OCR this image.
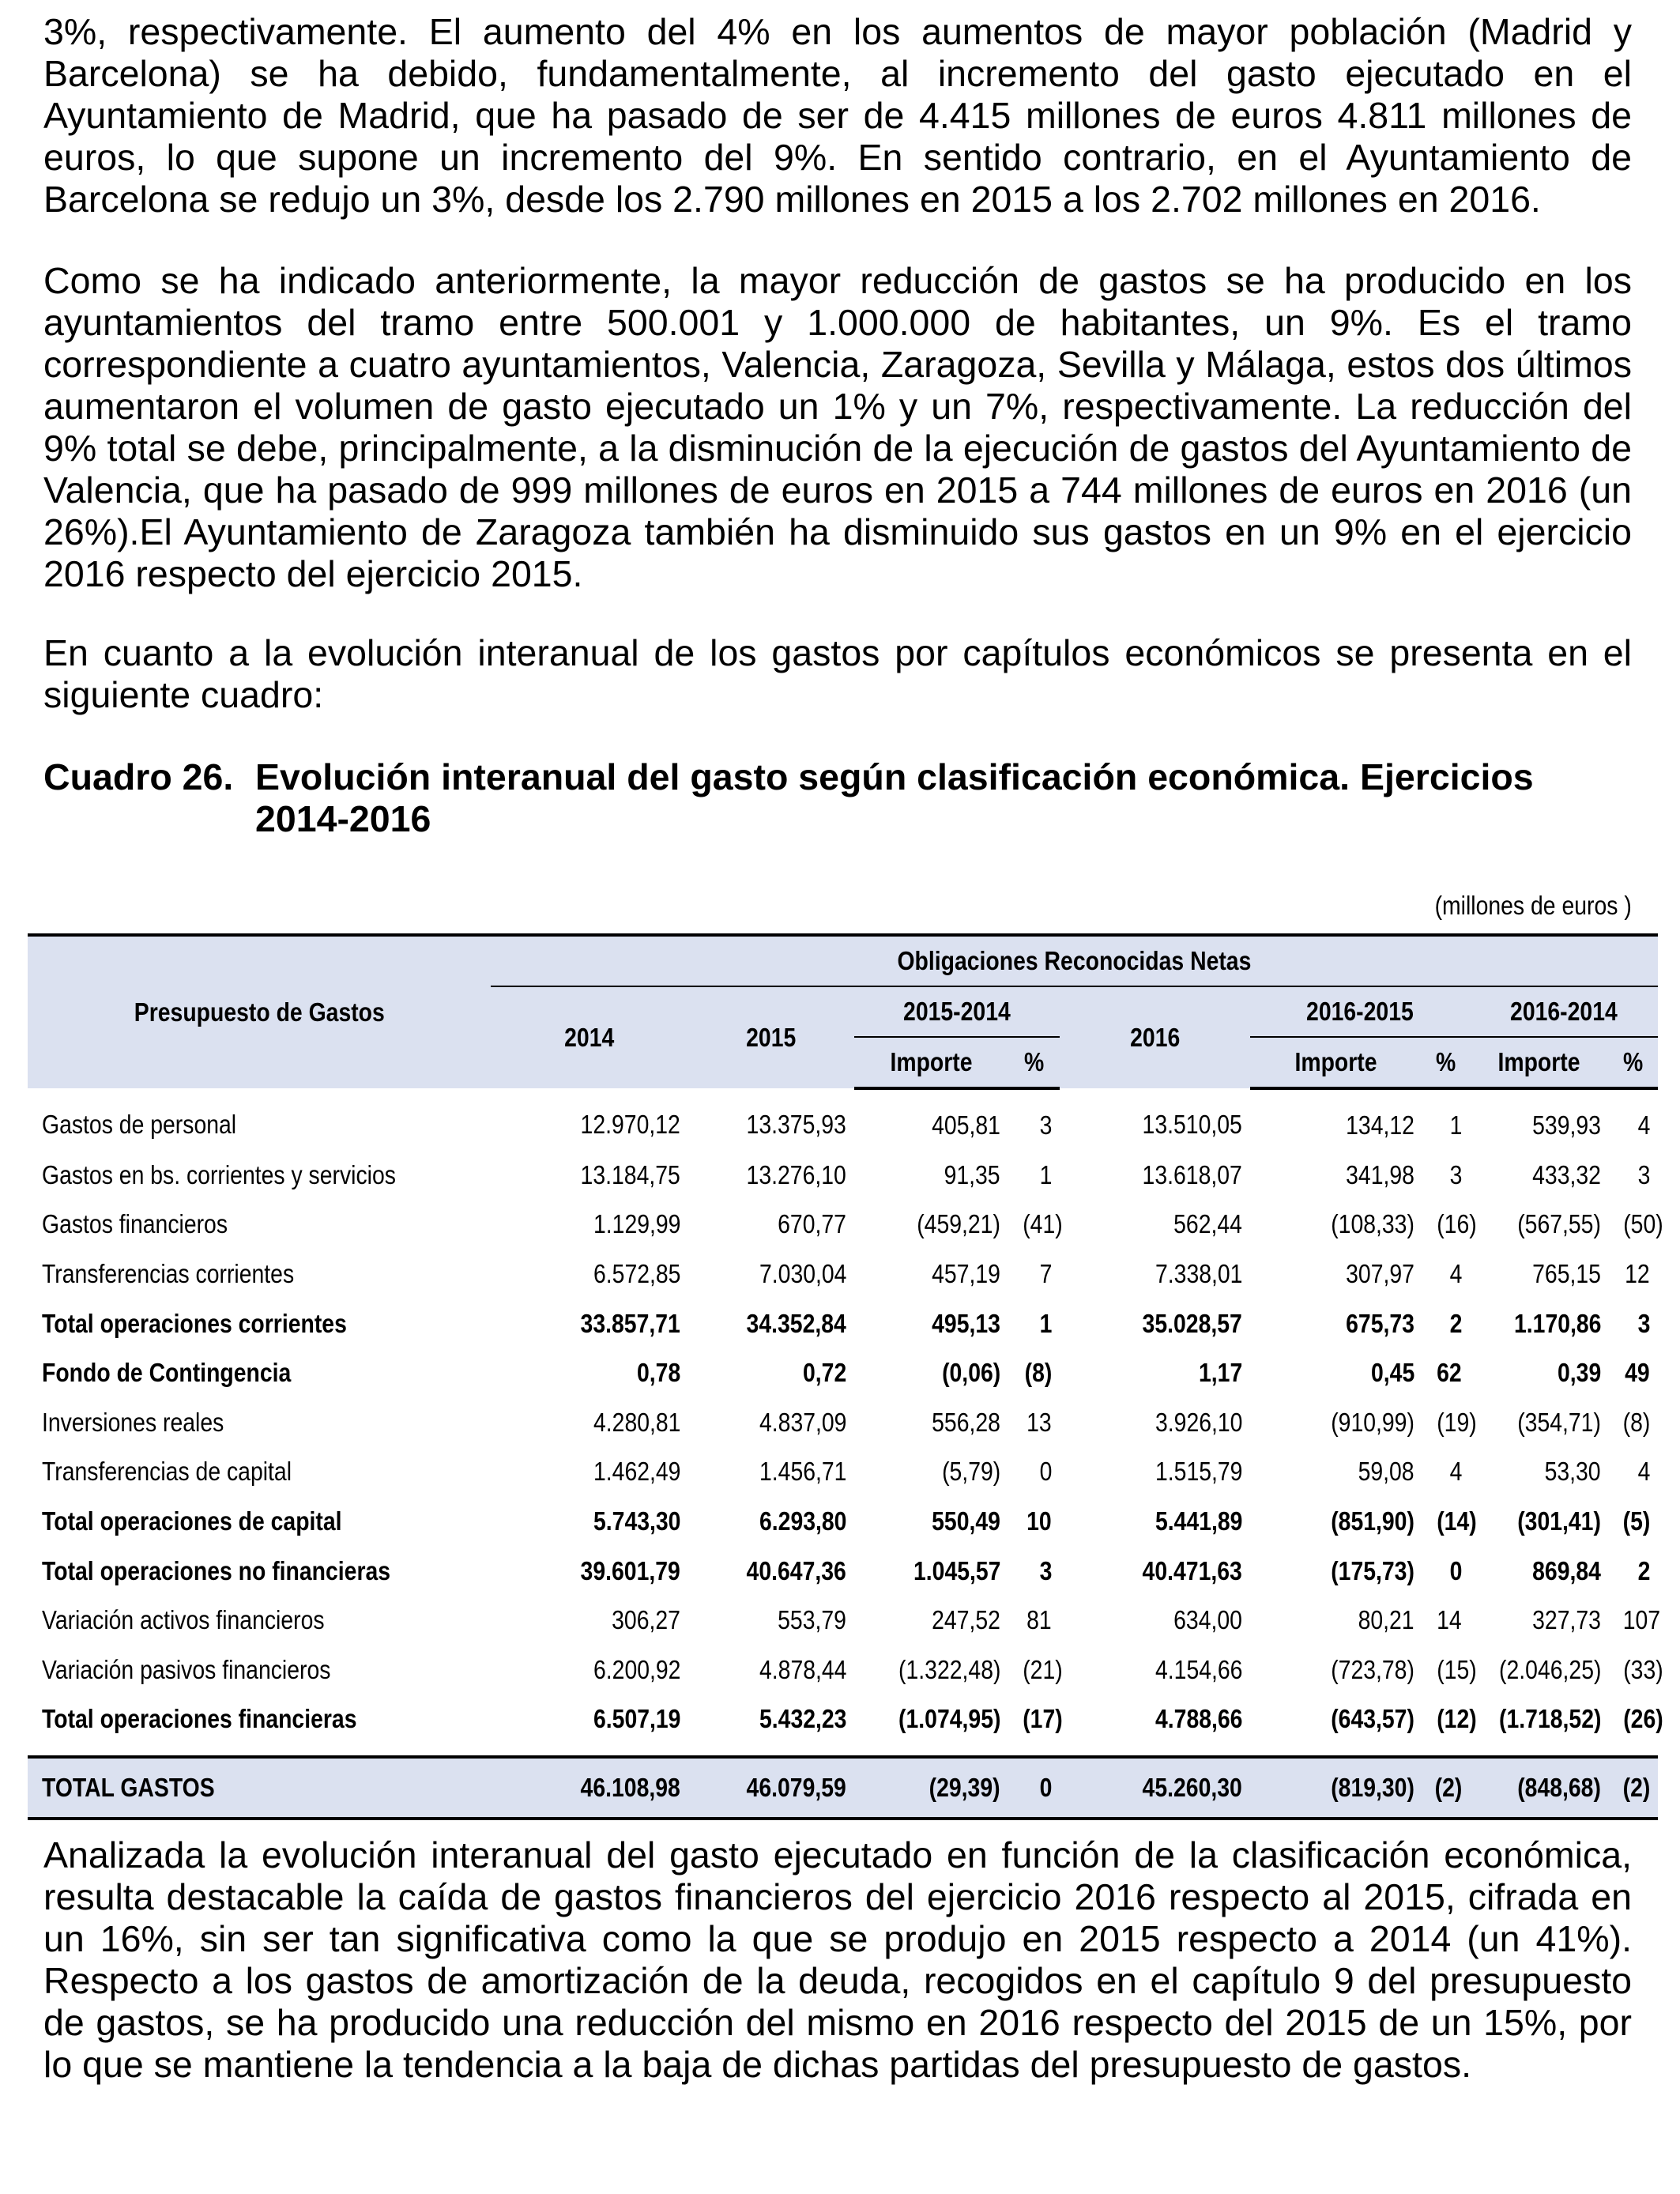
3%, respectivamente. El aumento del 4% en los aumentos de mayor población (Madrid y Barcelona) se ha debido, fundamentalmente, al incremento del gasto ejecutado en el Ayuntamiento de Madrid, que ha pasado de ser de 4.415 millones de euros 4.811 millones de euros, lo que supone un incremento del 9%. En sentido contrario, en el Ayuntamiento de Barcelona se redujo un 3%, desde los 2.790 millones en 2015 a los 2.702 millones en 2016.

Como se ha indicado anteriormente, la mayor reducción de gastos se ha producido en los ayuntamientos del tramo entre 500.001 y 1.000.000 de habitantes, un 9%. Es el tramo correspondiente a cuatro ayuntamientos, Valencia, Zaragoza, Sevilla y Málaga, estos dos últimos aumentaron el volumen de gasto ejecutado un 1% y un 7%, respectivamente. La reducción del 9% total se debe, principalmente, a la disminución de la ejecución de gastos del Ayuntamiento de Valencia, que ha pasado de 999 millones de euros en 2015 a 744 millones de euros en 2016 (un 26%).El Ayuntamiento de Zaragoza también ha disminuido sus gastos en un 9% en el ejercicio 2016 respecto del ejercicio 2015.

En cuanto a la evolución interanual de los gastos por capítulos económicos se presenta en el siguiente cuadro:

Cuadro 26. Evolución interanual del gasto según clasificación económica. Ejercicios 2014-2016
(millones de euros )
Presupuesto de Gastos	Obligaciones Reconocidas Netas								
	2014	2015	2015-2014		2016	2016-2015		2016-2014	
			Importe	%		Importe	%	Importe	%
Gastos de personal	12.970,12	13.375,93	405,81	3	13.510,05	134,12	1	539,93	4
Gastos en bs. corrientes y servicios	13.184,75	13.276,10	91,35	1	13.618,07	341,98	3	433,32	3
Gastos financieros	1.129,99	670,77	(459,21)	(41)	562,44	(108,33)	(16)	(567,55)	(50)
Transferencias corrientes	6.572,85	7.030,04	457,19	7	7.338,01	307,97	4	765,15	12
Total operaciones corrientes	33.857,71	34.352,84	495,13	1	35.028,57	675,73	2	1.170,86	3
Fondo de Contingencia	0,78	0,72	(0,06)	(8)	1,17	0,45	62	0,39	49
Inversiones reales	4.280,81	4.837,09	556,28	13	3.926,10	(910,99)	(19)	(354,71)	(8)
Transferencias de capital	1.462,49	1.456,71	(5,79)	0	1.515,79	59,08	4	53,30	4
Total operaciones de capital	5.743,30	6.293,80	550,49	10	5.441,89	(851,90)	(14)	(301,41)	(5)
Total operaciones no financieras	39.601,79	40.647,36	1.045,57	3	40.471,63	(175,73)	0	869,84	2
Variación activos financieros	306,27	553,79	247,52	81	634,00	80,21	14	327,73	107
Variación pasivos financieros	6.200,92	4.878,44	(1.322,48)	(21)	4.154,66	(723,78)	(15)	(2.046,25)	(33)
Total operaciones financieras	6.507,19	5.432,23	(1.074,95)	(17)	4.788,66	(643,57)	(12)	(1.718,52)	(26)
TOTAL GASTOS	46.108,98	46.079,59	(29,39)	0	45.260,30	(819,30)	(2)	(848,68)	(2)

Analizada la evolución interanual del gasto ejecutado en función de la clasificación económica, resulta destacable la caída de gastos financieros del ejercicio 2016 respecto al 2015, cifrada en un 16%, sin ser tan significativa como la que se produjo en 2015 respecto a 2014 (un 41%). Respecto a los gastos de amortización de la deuda, recogidos en el capítulo 9 del presupuesto de gastos, se ha producido una reducción del mismo en 2016 respecto del 2015 de un 15%, por lo que se mantiene la tendencia a la baja de dichas partidas del presupuesto de gastos.
